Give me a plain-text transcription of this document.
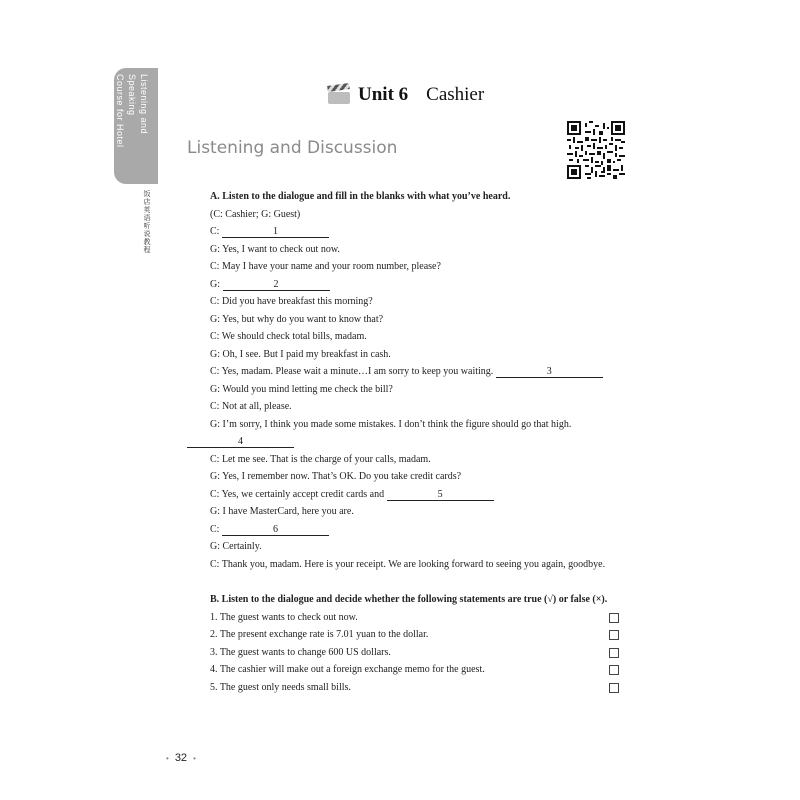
Listening and Speaking
Course for Hotel English
饭店英语听说教程
Unit 6 Cashier
Listening and Discussion
A. Listen to the dialogue and fill in the blanks with what you’ve heard.
(C: Cashier; G: Guest)
C:	1
G: Yes, I want to check out now.
C: May I have your name and your room number, please?
G:	2
C: Did you have breakfast this morning?
G: Yes, but why do you want to know that?
C: We should check total bills, madam.
G: Oh, I see. But I paid my breakfast in cash.
C: Yes, madam. Please wait a minute…I am sorry to keep you waiting.	3
G: Would you mind letting me check the bill?
C: Not at all, please.
G: I’m sorry, I think you made some mistakes. I don’t think the figure should go that high.
4
C: Let me see. That is the charge of your calls, madam.
G: Yes, I remember now. That’s OK. Do you take credit cards?
C: Yes, we certainly accept credit cards and	5
G: I have MasterCard, here you are.
C:	6
G: Certainly.
C: Thank you, madam. Here is your receipt. We are looking forward to seeing you again, goodbye.
B. Listen to the dialogue and decide whether the following statements are true (√) or false (×).
1. The guest wants to check out now.
2. The present exchange rate is 7.01 yuan to the dollar.
3. The guest wants to change 600 US dollars.
4. The cashier will make out a foreign exchange memo for the guest.
5. The guest only needs small bills.
• 32 •
